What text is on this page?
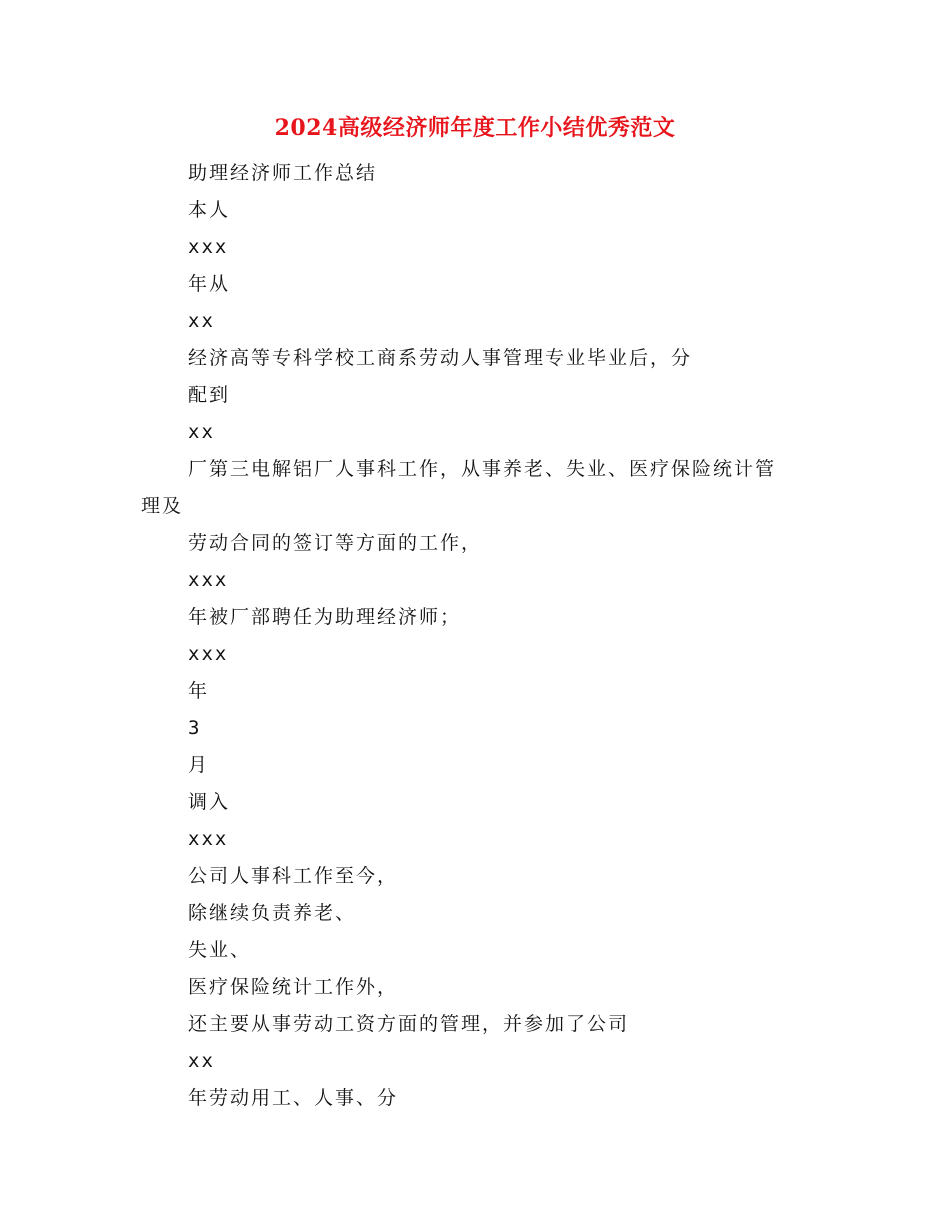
2024高级经济师年度工作小结优秀范文
助理经济师工作总结
本人
xxx
年从
xx
经济高等专科学校工商系劳动人事管理专业毕业后，分
配到
xx
厂第三电解铝厂人事科工作，从事养老、失业、医疗保险统计管
理及
劳动合同的签订等方面的工作，
xxx
年被厂部聘任为助理经济师；
xxx
年
3
月
调入
xxx
公司人事科工作至今，
除继续负责养老、
失业、
医疗保险统计工作外，
还主要从事劳动工资方面的管理，并参加了公司
xx
年劳动用工、人事、分
